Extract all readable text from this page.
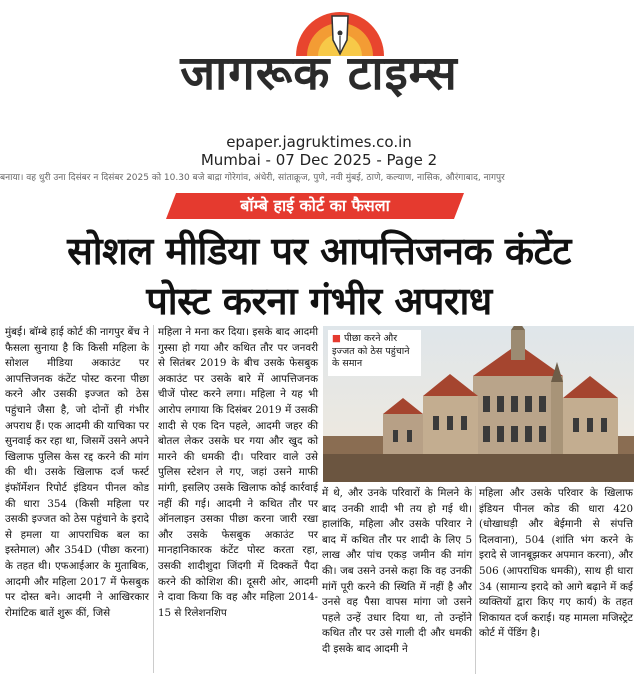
जागरूक टाइम्स
epaper.jagruktimes.co.in
Mumbai - 07 Dec 2025 - Page 2
बनाया। वह धुरी उना दिसंबर न दिसंबर 2025 को 10.30 बजे बाद्रा गोरेगांव, अंधेरी, सांताक्रूज, पुणे, नवी मुंबई, ठाणे, कल्याण, नासिक, औरंगाबाद, नागपुर
बॉम्बे हाई कोर्ट का फैसला
सोशल मीडिया पर आपत्तिजनक कंटेंट
पोस्ट करना गंभीर अपराध
मुंबई। बॉम्बे हाई कोर्ट की नागपुर बेंच ने फैसला सुनाया है कि किसी महिला के सोशल मीडिया अकाउंट पर आपत्तिजनक कंटेंट पोस्ट करना पीछा करने और उसकी इज्जत को ठेस पहुंचाने जैसा है, जो दोनों ही गंभीर अपराध हैं। एक आदमी की याचिका पर सुनवाई कर रहा था, जिसमें उसने अपने खिलाफ पुलिस केस रद्द करने की मांग की थी। उसके खिलाफ दर्ज फर्स्ट इंफॉर्मेशन रिपोर्ट इंडियन पीनल कोड की धारा 354 (किसी महिला पर उसकी इज्जत को ठेस पहुंचाने के इरादे से हमला या आपराधिक बल का इस्तेमाल) और 354D (पीछा करना) के तहत थी। एफआईआर के मुताबिक, आदमी और महिला 2017 में फेसबुक पर दोस्त बने। आदमी ने आखिरकार रोमांटिक बातें शुरू कीं, जिसे
महिला ने मना कर दिया। इसके बाद आदमी गुस्सा हो गया और कथित तौर पर जनवरी से सितंबर 2019 के बीच उसके फेसबुक अकाउंट पर उसके बारे में आपत्तिजनक चीजें पोस्ट करने लगा। महिला ने यह भी आरोप लगाया कि दिसंबर 2019 में उसकी शादी से एक दिन पहले, आदमी जहर की बोतल लेकर उसके घर गया और खुद को मारने की धमकी दी। परिवार वाले उसे पुलिस स्टेशन ले गए, जहां उसने माफी मांगी, इसलिए उसके खिलाफ कोई कार्रवाई नहीं की गई। आदमी ने कथित तौर पर ऑनलाइन उसका पीछा करना जारी रखा और उसके फेसबुक अकाउंट पर मानहानिकारक कंटेंट पोस्ट करता रहा, उसकी शादीशुदा जिंदगी में दिक्कतें पैदा करने की कोशिश की। दूसरी ओर, आदमी ने दावा किया कि वह और महिला 2014-15 से रिलेशनशिप
■ पीछा करने और इज्जत को ठेस पहुंचाने के समान
में थे, और उनके परिवारों के मिलने के बाद उनकी शादी भी तय हो गई थी। हालांकि, महिला और उसके परिवार ने बाद में कथित तौर पर शादी के लिए 5 लाख और पांच एकड़ जमीन की मांग की। जब उसने उनसे कहा कि वह उनकी मांगें पूरी करने की स्थिति में नहीं है और उनसे वह पैसा वापस मांगा जो उसने पहले उन्हें उधार दिया था, तो उन्होंने कथित तौर पर उसे गाली दी और धमकी दी इसके बाद आदमी ने
महिला और उसके परिवार के खिलाफ इंडियन पीनल कोड की धारा 420 (धोखाधड़ी और बेईमानी से संपत्ति दिलवाना), 504 (शांति भंग करने के इरादे से जानबूझकर अपमान करना), और 506 (आपराधिक धमकी), साथ ही धारा 34 (सामान्य इरादे को आगे बढ़ाने में कई व्यक्तियों द्वारा किए गए कार्य) के तहत शिकायत दर्ज कराई। यह मामला मजिस्ट्रेट कोर्ट में पेंडिंग है।
